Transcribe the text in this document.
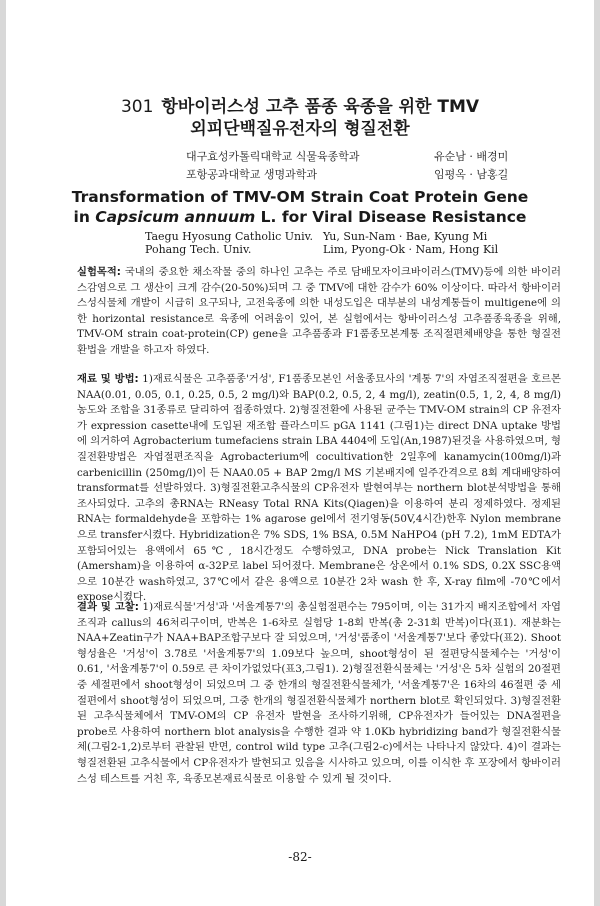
301 항바이러스성 고추 품종 육종을 위한 TMV
외피단백질유전자의 형질전환
대구효성카톨릭대학교 식물육종학과	유순남 · 배경미
포항공과대학교 생명과학과	임평옥 · 남홍길
Transformation of TMV-OM Strain Coat Protein Gene
in Capsicum annuum L. for Viral Disease Resistance
Taegu Hyosung Catholic Univ. Yu, Sun-Nam · Bae, Kyung Mi
Pohang Tech. Univ.	Lim, Pyong-Ok · Nam, Hong Kil
실험목적: 국내의 중요한 채소작물 중의 하나인 고추는 주로 담배모자이크바이러스(TMV)등에 의한 바이러스감염으로 그 생산이 크게 감수(20-50%)되며 그 중 TMV에 대한 감수가 60% 이상이다. 따라서 항바이러스성식물체 개발이 시급히 요구되나, 고전육종에 의한 내성도입은 대부분의 내성계통들이 multigene에 의한 horizontal resistance로 육종에 어려움이 있어, 본 실험에서는 항바이러스성 고추품종육종을 위해, TMV-OM strain coat-protein(CP) gene을 고추품종과 F1품종모본계통 조직절편체배양을 통한 형질전환법을 개발을 하고자 하였다.
재료 및 방법: 1)재료식물은 고추품종'거성', F1품종모본인 서울종묘사의 '계통 7'의 자엽조직절편을 호르몬 NAA(0.01, 0.05, 0.1, 0.25, 0.5, 2 mg/l)와 BAP(0.2, 0.5, 2, 4 mg/l), zeatin(0.5, 1, 2, 4, 8 mg/l) 농도와 조합을 31종류로 달리하여 접종하였다. 2)형질전환에 사용된 균주는 TMV-OM strain의 CP 유전자가 expression casette내에 도입된 재조합 플라스미드 pGA 1141 (그림1)는 direct DNA uptake 방법에 의거하여 Agrobacterium tumefaciens strain LBA 4404에 도입(An,1987)된것을 사용하였으며, 형질전환방법은 자엽절편조직을 Agrobacterium에 cocultivation한 2일후에 kanamycin(100mg/l)과 carbenicillin (250mg/l)이 든 NAA0.05 + BAP 2mg/l MS 기본배지에 일주간격으로 8회 계대배양하여 transformat를 선발하였다. 3)형질전환고추식물의 CP유전자 발현여부는 northern blot분석방법을 통해 조사되었다. 고추의 총RNA는 RNeasy Total RNA Kits(Qiagen)을 이용하여 분리 정제하였다. 정제된 RNA는 formaldehyde을 포함하는 1% agarose gel에서 전기영동(50V,4시간)한후 Nylon membrane으로 transfer시켰다. Hybridization은 7% SDS, 1% BSA, 0.5M NaHPO4 (pH 7.2), 1mM EDTA가 포함되어있는 용액에서 65℃, 18시간정도 수행하였고, DNA probe는 Nick Translation Kit (Amersham)을 이용하여 α-32P로 label 되어졌다. Membrane은 상온에서 0.1% SDS, 0.2X SSC용액으로 10분간 wash하였고, 37℃에서 같은 용액으로 10분간 2차 wash 한 후, X-ray film에 -70℃에서 expose시켰다.
결과 및 고찰: 1)재료식물'거성'과 '서울계통7'의 총실험절편수는 795이며, 이는 31가지 배지조합에서 자엽조직과 callus의 46처리구이며, 반복은 1-6차로 실험당 1-8회 반복(총 2-31회 반복)이다(표1). 재분화는 NAA+Zeatin구가 NAA+BAP조합구보다 잘 되었으며, '거성'품종이 '서울계통7'보다 좋았다(표2). Shoot형성율은 '거성'이 3.78로 '서울계통7'의 1.09보다 높으며, shoot형성이 된 절편당식물체수는 '거성'이 0.61, '서울계통7'이 0.59로 큰 차이가없었다(표3,그림1). 2)형질전환식물체는 '거성'은 5차 실험의 20절편 중 세절편에서 shoot형성이 되었으며 그 중 한개의 형질전환식물체가, '서울계통7'은 16차의 46절편 중 세절편에서 shoot형성이 되었으며, 그중 한개의 형질전환식물체가 northern blot로 확인되었다. 3)형질전환된 고추식물체에서 TMV-OM의 CP 유전자 발현을 조사하기위해, CP유전자가 들어있는 DNA절편을 probe로 사용하여 northern blot analysis을 수행한 결과 약 1.0Kb hybridizing band가 형질전환식물체(그림2-1,2)로부터 관찰된 반면, control wild type 고추(그림2-c)에서는 나타나지 않았다. 4)이 결과는 형질전환된 고추식물에서 CP유전자가 발현되고 있음을 시사하고 있으며, 이를 이식한 후 포장에서 항바이러스성 테스트를 거친 후, 육종모본재료식물로 이용할 수 있게 될 것이다.
-82-
